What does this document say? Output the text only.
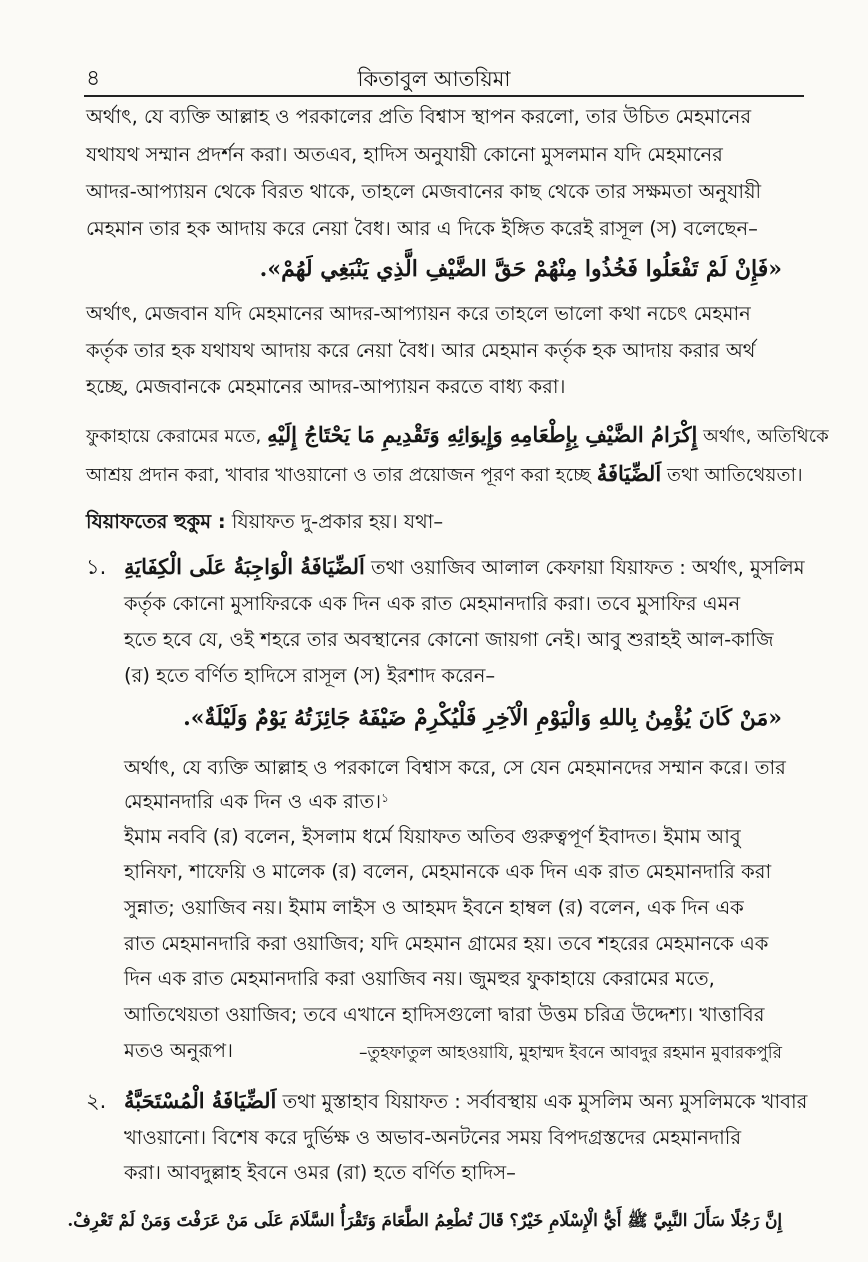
৪	কিতাবুল আতয়িমা
অর্থাৎ, যে ব্যক্তি আল্লাহ ও পরকালের প্রতি বিশ্বাস স্থাপন করলো, তার উচিত মেহমানের
যথাযথ সম্মান প্রদর্শন করা। অতএব, হাদিস অনুযায়ী কোনো মুসলমান যদি মেহমানের
আদর-আপ্যায়ন থেকে বিরত থাকে, তাহলে মেজবানের কাছ থেকে তার সক্ষমতা অনুযায়ী
মেহমান তার হক আদায় করে নেয়া বৈধ। আর এ দিকে ইঙ্গিত করেই রাসূল (স) বলেছেন–
«فَإِنْ لَمْ تَفْعَلُوا فَخُذُوا مِنْهُمْ حَقَّ الضَّيْفِ الَّذِي يَنْبَغِي لَهُمْ».
অর্থাৎ, মেজবান যদি মেহমানের আদর-আপ্যায়ন করে তাহলে ভালো কথা নচেৎ মেহমান
কর্তৃক তার হক যথাযথ আদায় করে নেয়া বৈধ। আর মেহমান কর্তৃক হক আদায় করার অর্থ
হচ্ছে, মেজবানকে মেহমানের আদর-আপ্যায়ন করতে বাধ্য করা।
ফুকাহায়ে কেরামের মতে, إِكْرَامُ الضَّيْفِ بِإِطْعَامِهِ وَإِيوَائِهِ وَتَقْدِيمِ مَا يَحْتَاجُ إِلَيْهِ অর্থাৎ, অতিথিকে
আশ্রয় প্রদান করা, খাবার খাওয়ানো ও তার প্রয়োজন পূরণ করা হচ্ছে اَلضِّيَافَةُ তথা আতিথেয়তা।
যিয়াফতের হুকুম : যিয়াফত দু-প্রকার হয়। যথা–
১. اَلضِّيَافَةُ الْوَاجِبَةُ عَلَى الْكِفَايَةِ তথা ওয়াজিব আলাল কেফায়া যিয়াফত : অর্থাৎ, মুসলিম
কর্তৃক কোনো মুসাফিরকে এক দিন এক রাত মেহমানদারি করা। তবে মুসাফির এমন
হতে হবে যে, ওই শহরে তার অবস্থানের কোনো জায়গা নেই। আবু শুরাহই আল-কাজি
(র) হতে বর্ণিত হাদিসে রাসূল (স) ইরশাদ করেন–
«مَنْ كَانَ يُؤْمِنُ بِاللهِ وَالْيَوْمِ الْآخِرِ فَلْيُكْرِمْ ضَيْفَهُ جَائِزَتُهُ يَوْمٌ وَلَيْلَةٌ».
অর্থাৎ, যে ব্যক্তি আল্লাহ ও পরকালে বিশ্বাস করে, সে যেন মেহমানদের সম্মান করে। তার
মেহমানদারি এক দিন ও এক রাত।$^১$
ইমাম নববি (র) বলেন, ইসলাম ধর্মে যিয়াফত অতিব গুরুত্বপূর্ণ ইবাদত। ইমাম আবু
হানিফা, শাফেয়ি ও মালেক (র) বলেন, মেহমানকে এক দিন এক রাত মেহমানদারি করা
সুন্নাত; ওয়াজিব নয়। ইমাম লাইস ও আহমদ ইবনে হাম্বল (র) বলেন, এক দিন এক
রাত মেহমানদারি করা ওয়াজিব; যদি মেহমান গ্রামের হয়। তবে শহরের মেহমানকে এক
দিন এক রাত মেহমানদারি করা ওয়াজিব নয়। জুমহুর ফুকাহায়ে কেরামের মতে,
আতিথেয়তা ওয়াজিব; তবে এখানে হাদিসগুলো দ্বারা উত্তম চরিত্র উদ্দেশ্য। খাত্তাবির
মতও অনুরূপ।	–তুহফাতুল আহওয়াযি, মুহাম্মদ ইবনে আবদুর রহমান মুবারকপুরি
২. اَلضِّيَافَةُ الْمُسْتَحَبَّةُ তথা মুস্তাহাব যিয়াফত : সর্বাবস্থায় এক মুসলিম অন্য মুসলিমকে খাবার
খাওয়ানো। বিশেষ করে দুর্ভিক্ষ ও অভাব-অনটনের সময় বিপদগ্রস্তদের মেহমানদারি
করা। আবদুল্লাহ ইবনে ওমর (রা) হতে বর্ণিত হাদিস–
إِنَّ رَجُلًا سَأَلَ النَّبِيَّ ﷺ أَيُّ الْإِسْلَامِ خَيْرٌ؟ قَالَ تُطْعِمُ الطَّعَامَ وَتَقْرَأُ السَّلَامَ عَلَى مَنْ عَرَفْتَ وَمَنْ لَمْ تَعْرِفْ.
